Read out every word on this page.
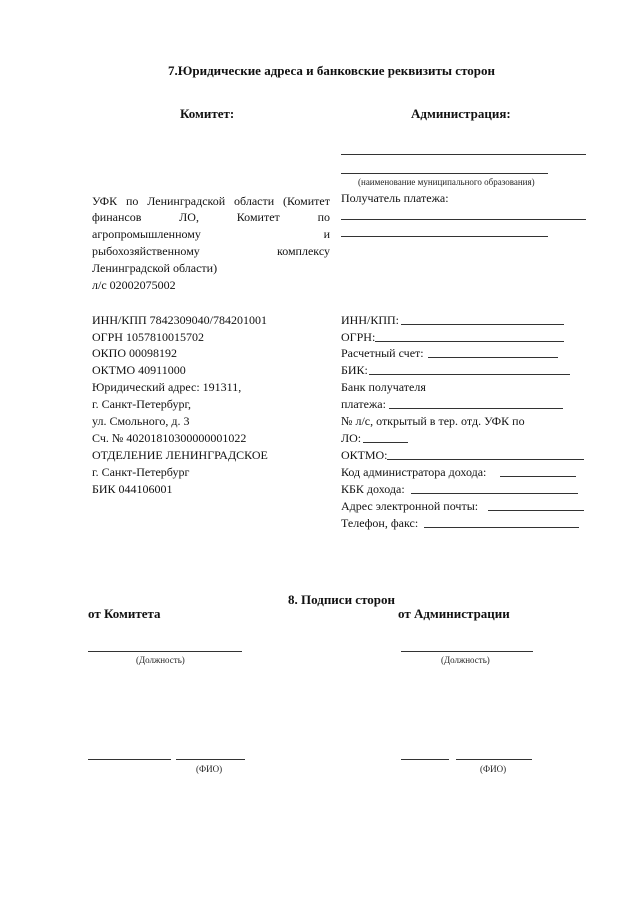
7.Юридические адреса и банковские реквизиты сторон
Комитет:	Администрация:
УФК по Ленинградской области (Комитет
финансов ЛО, Комитет по
агропромышленному и
рыбохозяйственному комплексу
Ленинградской области)
л/с 02002075002
ИНН/КПП 7842309040/784201001
ОГРН 1057810015702
ОКПО 00098192
ОКТМО 40911000
Юридический адрес: 191311,
г. Санкт-Петербург,
ул. Смольного, д. 3
Сч. № 40201810300000001022
ОТДЕЛЕНИЕ ЛЕНИНГРАДСКОЕ
г. Санкт-Петербург
БИК 044106001
(наименование муниципального образования)
Получатель платежа:
ИНН/КПП:
ОГРН:
Расчетный счет:
БИК:
Банк получателя
платежа:
№ л/с, открытый в тер. отд. УФК по
ЛО:
ОКТМО:
Код администратора дохода:
КБК дохода:
Адрес электронной почты:
Телефон, факс:
8. Подписи сторон
от Комитета	от Администрации
(Должность)
(ФИО)
(Должность)
(ФИО)
